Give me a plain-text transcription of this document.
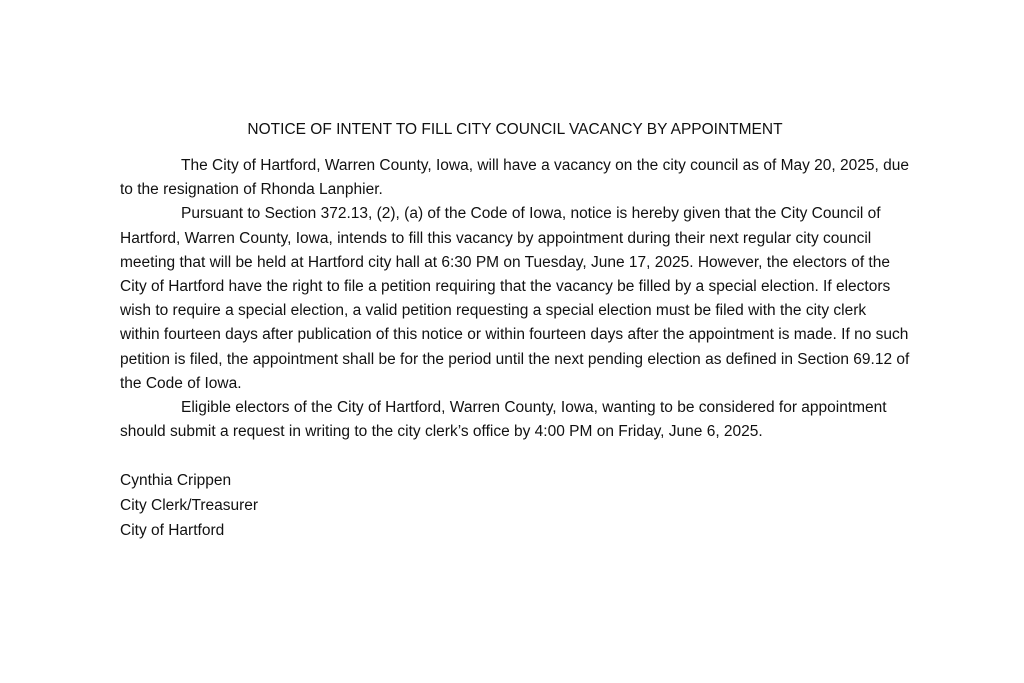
NOTICE OF INTENT TO FILL CITY COUNCIL VACANCY BY APPOINTMENT

The City of Hartford, Warren County, Iowa, will have a vacancy on the city council as of May 20, 2025, due to the resignation of Rhonda Lanphier.

Pursuant to Section 372.13, (2), (a) of the Code of Iowa, notice is hereby given that the City Council of Hartford, Warren County, Iowa, intends to fill this vacancy by appointment during their next regular city council meeting that will be held at Hartford city hall at 6:30 PM on Tuesday, June 17, 2025. However, the electors of the City of Hartford have the right to file a petition requiring that the vacancy be filled by a special election. If electors wish to require a special election, a valid petition requesting a special election must be filed with the city clerk within fourteen days after publication of this notice or within fourteen days after the appointment is made. If no such petition is filed, the appointment shall be for the period until the next pending election as defined in Section 69.12 of the Code of Iowa.

Eligible electors of the City of Hartford, Warren County, Iowa, wanting to be considered for appointment should submit a request in writing to the city clerk’s office by 4:00 PM on Friday, June 6, 2025.

Cynthia Crippen
City Clerk/Treasurer
City of Hartford
